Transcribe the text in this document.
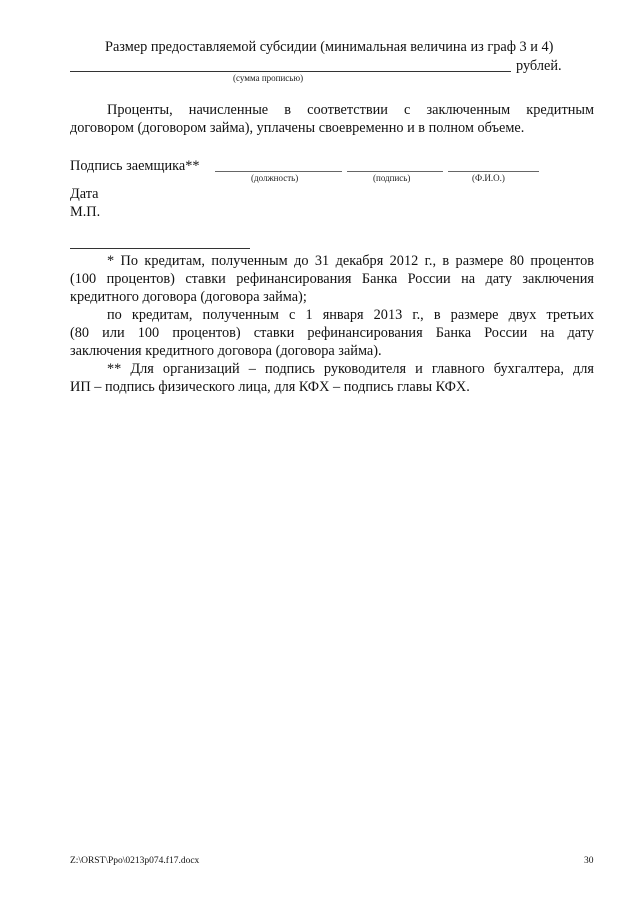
Размер предоставляемой субсидии (минимальная величина из граф 3 и 4)
рублей.
(сумма прописью)
Проценты, начисленные в соответствии с заключенным кредитным
договором (договором займа), уплачены своевременно и в полном объеме.
Подпись заемщика**
(должность)	(подпись)	(Ф.И.О.)
Дата
М.П.
* По кредитам, полученным до 31 декабря 2012 г., в размере 80 процентов
(100 процентов) ставки рефинансирования Банка России на дату заключения
кредитного договора (договора займа);
по кредитам, полученным с 1 января 2013 г., в размере двух третьих
(80 или 100 процентов) ставки рефинансирования Банка России на дату
заключения кредитного договора (договора займа).
** Для организаций – подпись руководителя и главного бухгалтера, для
ИП – подпись физического лица, для КФХ – подпись главы КФХ.
Z:\ORST\Ppo\0213p074.f17.docx	30
